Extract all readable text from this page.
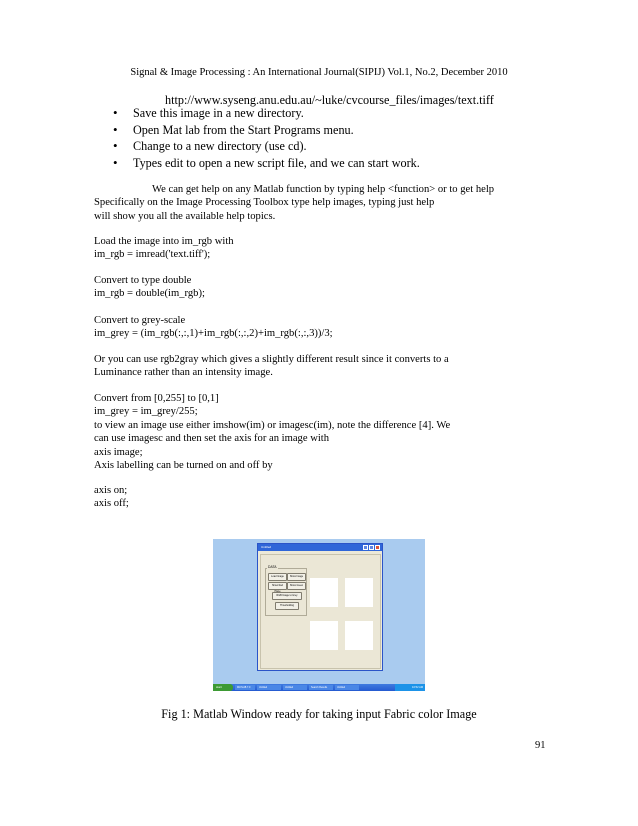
Signal & Image Processing : An International Journal(SIPIJ) Vol.1, No.2, December 2010
http://www.syseng.anu.edu.au/~luke/cvcourse_files/images/text.tiff
• Save this image in a new directory.
• Open Mat lab from the Start Programs menu.
• Change to a new directory (use cd).
• Types edit to open a new script file, and we can start work.
We can get help on any Matlab function by typing help <function> or to get help
Specifically on the Image Processing Toolbox type help images, typing just help
will show you all the available help topics.
Load the image into im_rgb with
im_rgb = imread('text.tiff');
Convert to type double
im_rgb = double(im_rgb);
Convert to grey-scale
im_grey = (im_rgb(:,:,1)+im_rgb(:,:,2)+im_rgb(:,:,3))/3;
Or you can use rgb2gray which gives a slightly different result since it converts to a
Luminance rather than an intensity image.
Convert from [0,255] to [0,1]
im_grey = im_grey/255;
to view an image use either imshow(im) or imagesc(im), note the difference [4]. We
can use imagesc and then set the axis for an image with
axis image;
Axis labelling can be turned on and off by
axis on;
axis off;
Untitled
DATA
Load Image	Show Image
Show Red	Show Green
RGB Image to Grey
Thresholding
start	MATLAB 7.0	Untitled	Untitled	Search Results	Untitled	10:52 AM
Fig 1: Matlab Window ready for taking input Fabric color Image
91
